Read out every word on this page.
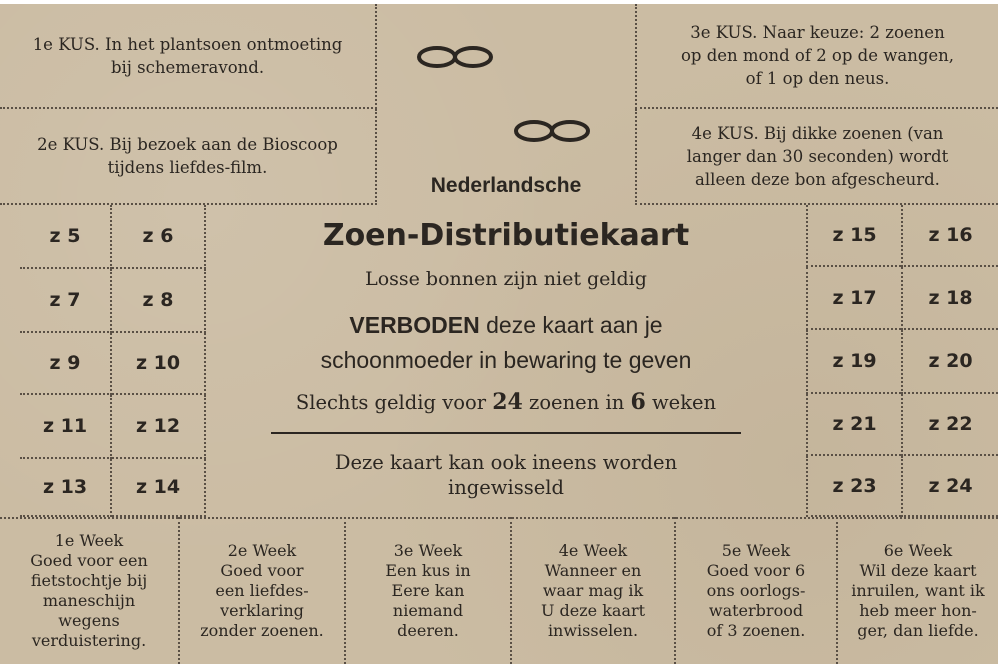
1e KUS. In het plantsoen ontmoeting
bij schemeravond.
2e KUS. Bij bezoek aan de Bioscoop
tijdens liefdes-film.
3e KUS. Naar keuze: 2 zoenen
op den mond of 2 op de wangen,
of 1 op den neus.
4e KUS. Bij dikke zoenen (van
langer dan 30 seconden) wordt
alleen deze bon afgescheurd.
Nederlandsche
Zoen-Distributiekaart
Losse bonnen zijn niet geldig
VERBODEN deze kaart aan je
schoonmoeder in bewaring te geven
Slechts geldig voor 24 zoenen in 6 weken
Deze kaart kan ook ineens worden
ingewisseld
z 5	z 6
z 7	z 8
z 9	z 10
z 11	z 12
z 13	z 14
z 15	z 16
z 17	z 18
z 19	z 20
z 21	z 22
z 23	z 24
1e Week
Goed voor een
fietstochtje bij
maneschijn
wegens
verduistering.
2e Week
Goed voor
een liefdes-
verklaring
zonder zoenen.
3e Week
Een kus in
Eere kan
niemand
deeren.
4e Week
Wanneer en
waar mag ik
U deze kaart
inwisselen.
5e Week
Goed voor 6
ons oorlogs-
waterbrood
of 3 zoenen.
6e Week
Wil deze kaart
inruilen, want ik
heb meer hon-
ger, dan liefde.
